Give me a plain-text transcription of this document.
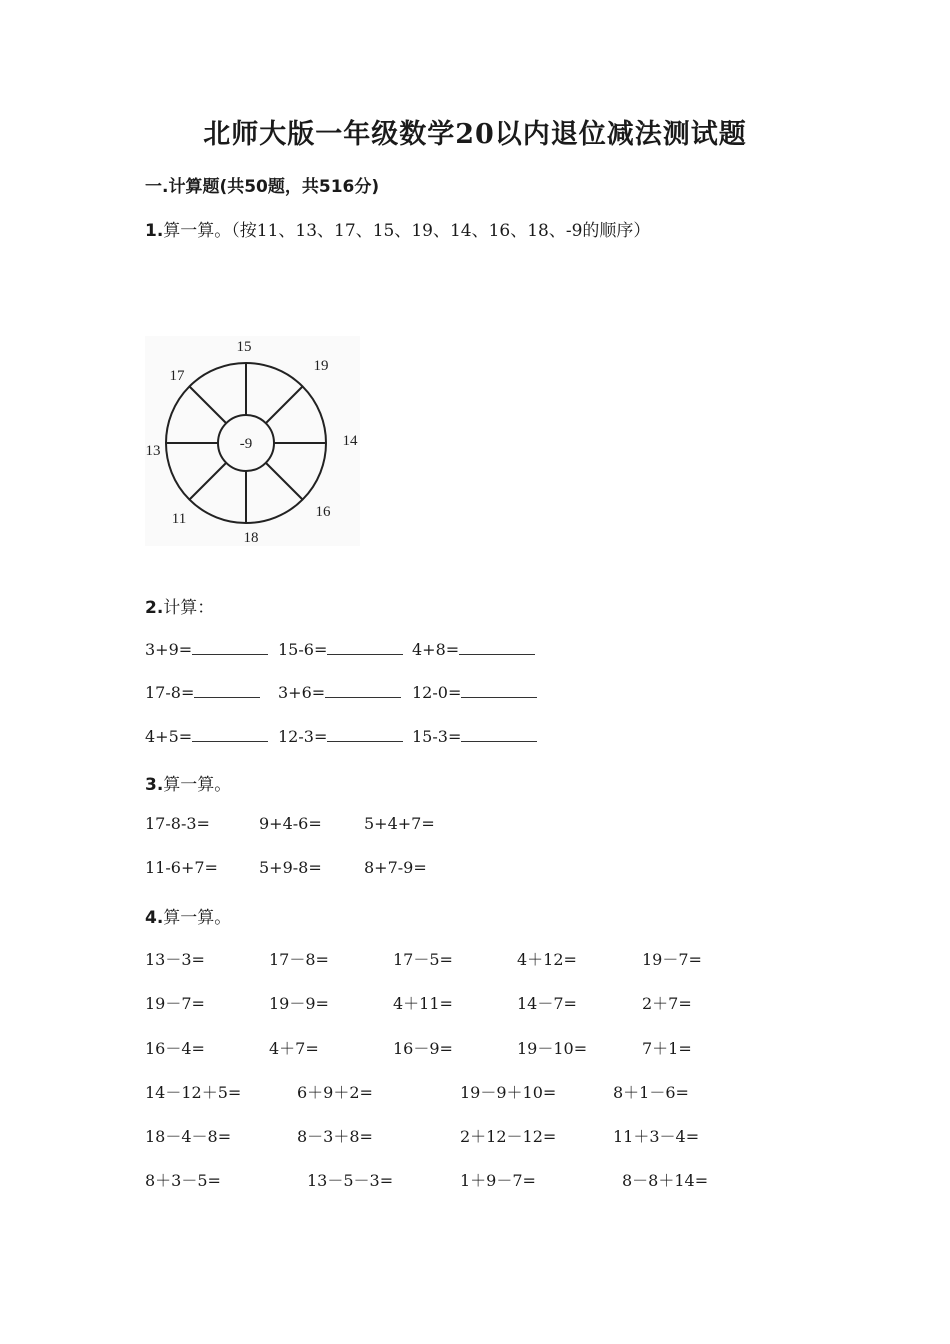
北师大版一年级数学20以内退位减法测试题
一.计算题(共50题，共516分)
1.算一算。（按11、13、17、15、19、14、16、18、-9的顺序）
-9
15
19
14
16
18
11
13
17
2.计算：
3+9=	15-6=	4+8=
17-8=	3+6=	12-0=
4+5=	12-3=	15-3=
3.算一算。
17-8-3=	9+4-6=	5+4+7=
11-6+7=	5+9-8=	8+7-9=
4.算一算。
13－3=	17－8=	17－5=	4＋12=	19－7=
19－7=	19－9=	4＋11=	14－7=	2＋7=
16－4=	4＋7=	16－9=	19－10=	7＋1=
14－12＋5=	6＋9＋2=	19－9＋10=	8＋1－6=
18－4－8=	8－3＋8=	2＋12－12=	11＋3－4=
8＋3－5=	13－5－3=	1＋9－7=	8－8＋14=
